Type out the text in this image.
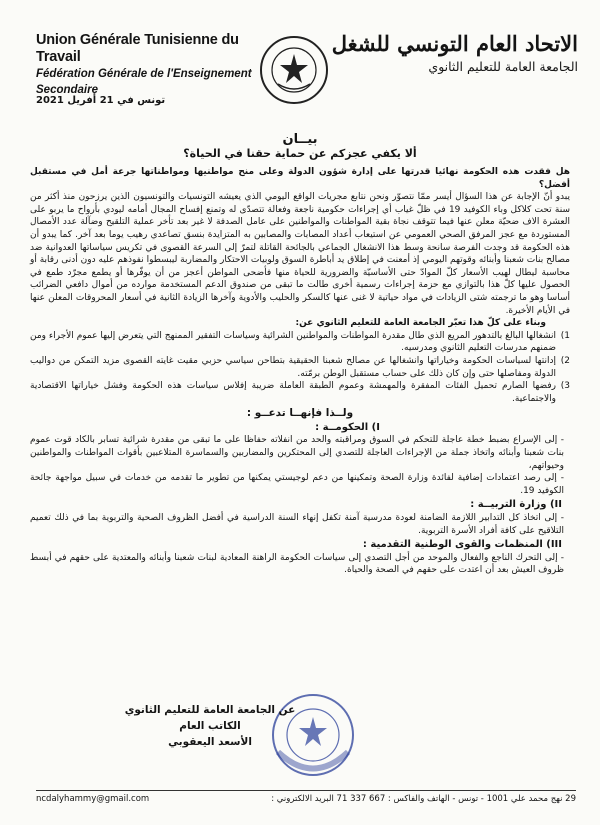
Union Générale Tunisienne du Travail
Fédération Générale de l'Enseignement Secondaire
الاتحاد العام التونسي للشغل
الجامعة العامة للتعليم الثانوي
تونس في 21 أفريل 2021
بيــان
ألا يكفي عجزكم عن حماية حقنا في الحياة؟

هل فقدت هذه الحكومة نهائيا قدرتها على إدارة شؤون الدولة وعلى منح مواطنيها ومواطناتها جرعة أمل في مستقبل أفضل؟

يبدو أنّ الإجابة عن هذا السؤال أيسر ممّا نتصوّر ونحن نتابع مجريات الواقع اليومي الذي يعيشه التونسيات والتونسيون الذين يرزحون منذ أكثر من سنة تحت كلاكل وباء الكوفيد 19 في ظلّ غياب أي إجراءات حكومية ناجعة وفعالة تتصدّى له وتمنع إفساح المجال أمامه ليودي بأرواح ما يربو على العشرة الاف ضحيّة معلن عنها فيما تتوقف نجاة بقية المواطنات والمواطنين على عامل الصدفة لا غير بعد تأخر عملية التلقيح وضآلة عدد الأمصال المستوردة مع عجز المرفق الصحي العمومي عن استيعاب أعداد المصابات والمصابين به المتزايدة بنسق تصاعدي رهيب يوما بعد آخر. كما يبدو أن هذه الحكومة قد وجدت الفرصة سانحة وسط هذا الانشغال الجماعي بالجائحة القاتلة لتمرّ إلى السرعة القصوى في تكريس سياساتها العدوانية ضد مصالح بنات شعبنا وأبنائه وقوتهم اليومي إذ أمعنت في إطلاق يد أباطرة السوق ولوبيات الاحتكار والمضاربة ليبسطوا نفوذهم عليه دون أدنى رقابة أو محاسبة ليطال لهيب الأسعار كلّ الموادّ حتى الأساسيّة والضرورية للحياة منها فأضحى المواطن أعجز من أن يوفّرها أو يطمع مجرّد طمع في الحصول عليها كلّ هذا بالتوازي مع حزمة إجراءات رسمية أخرى طالت ما تبقى من صندوق الدعم المستخدمة موارده من أموال دافعي الضرائب أساسا وهو ما ترجمته شتى الزيادات في مواد حياتية لا غنى عنها كالسكر والحليب والأدوية وآخرها الزيادة الثانية في أسعار المحروقات المعلن عنها في الأيام الأخيرة.

وبناء على كلّ هذا تعبّر الجامعة العامة للتعليم الثانوي عن:

1)
انشغالها البالغ بالتدهور المريع الذي طال مقدرة المواطنات والمواطنين الشرائية وسياسات التفقير الممنهج التي يتعرض إليها عموم الأجراء ومن ضمنهم مدرسات التعليم الثانوي ومدرسيه.
2)
إدانتها لسياسات الحكومة وخياراتها وانشغالها عن مصالح شعبنا الحقيقية بتطاحن سياسي حزبي مقيت غايته القصوى مزيد التمكن من دواليب الدولة ومفاصلها حتى وإن كان ذلك على حساب مستقبل الوطن برمّته.
3)
رفضها الصارم تحميل الفئات المفقرة والمهمشة وعموم الطبقة العاملة ضريبة إفلاس سياسات هذه الحكومة وفشل خياراتها الاقتصادية والاجتماعية.
ولــذا فإنهــا تدعــو :
I) الحكومــة :

- إلى الإسراع بضبط خطة عاجلة للتحكم في السوق ومراقبته والحد من انفلاته حفاظا على ما تبقى من مقدرة شرائية تسابر بالكاد قوت عموم بنات شعبنا وأبنائه واتخاذ جملة من الإجراءات العاجلة للتصدي إلى المحتكرين والمضاربين والسماسرة المتلاعبين بأقوات المواطنات والمواطنين وحيواتهم،

- إلى رصد اعتمادات إضافية لفائدة وزارة الصحة وتمكينها من دعم لوجيستي يمكنها من تطوير ما تقدمه من خدمات في سبيل مواجهة جائحة الكوفيد 19.

II) وزارة التربيــة :

- إلى اتخاذ كل التدابير اللازمة الضامنة لعودة مدرسية آمنة تكفل إنهاء السنة الدراسية في أفضل الظروف الصحية والتربوية بما في ذلك تعميم التلاقيح على كافة أفراد الأسرة التربوية.

III) المنظمات والقوى الوطنية التقدمية :

- إلى التحرك الناجع والفعال والموحد من أجل التصدي إلى سياسات الحكومة الراهنة المعادية لبنات شعبنا وأبنائه والمعتدية على حقهم في أبسط ظروف العيش بعد أن اعتدت على حقهم في الصحة والحياة.

عن الجامعة العامة للتعليم الثانوي
الكاتب العام
الأسعد اليعقوبي
29 نهج محمد علي 1001 - تونس - الهاتف والفاكس : 667 337 71 البريد الالكتروني :
ncdalyhammy@gmail.com
